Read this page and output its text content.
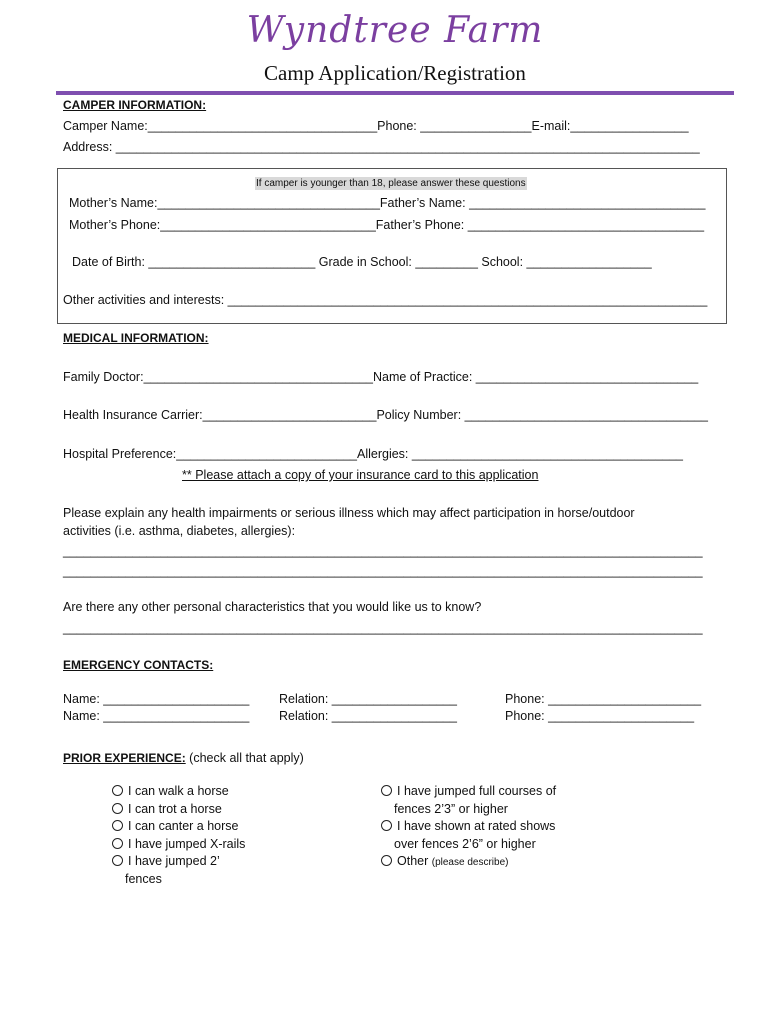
Wyndtree Farm
Camp Application/Registration
CAMPER INFORMATION:
Camper Name:_________________________________Phone: ________________E-mail:_________________
Address: ____________________________________________________________________________________
If camper is younger than 18, please answer these questions
Mother’s Name:________________________________Father’s Name: __________________________________
Mother’s Phone:_______________________________Father’s Phone: __________________________________
Date of Birth: ________________________ Grade in School: _________ School: __________________
Other activities and interests: _____________________________________________________________________
MEDICAL INFORMATION:
Family Doctor:_________________________________Name of Practice: ________________________________
Health Insurance Carrier:_________________________Policy Number: ___________________________________
Hospital Preference:__________________________Allergies: _______________________________________
** Please attach a copy of your insurance card to this application
Please explain any health impairments or serious illness which may affect participation in horse/outdoor
activities (i.e. asthma, diabetes, allergies):
____________________________________________________________________________________________
____________________________________________________________________________________________
Are there any other personal characteristics that you would like us to know?
____________________________________________________________________________________________
EMERGENCY CONTACTS:
Name: _____________________ Relation: __________________	Phone: ______________________
Name: _____________________ Relation: __________________	Phone: _____________________
PRIOR EXPERIENCE: (check all that apply)
I can walk a horse
I can trot a horse
I can canter a horse
I have jumped X-rails
I have jumped 2’
fences
I have jumped full courses of
fences 2’3” or higher
I have shown at rated shows
over fences 2’6” or higher
Other (please describe)
